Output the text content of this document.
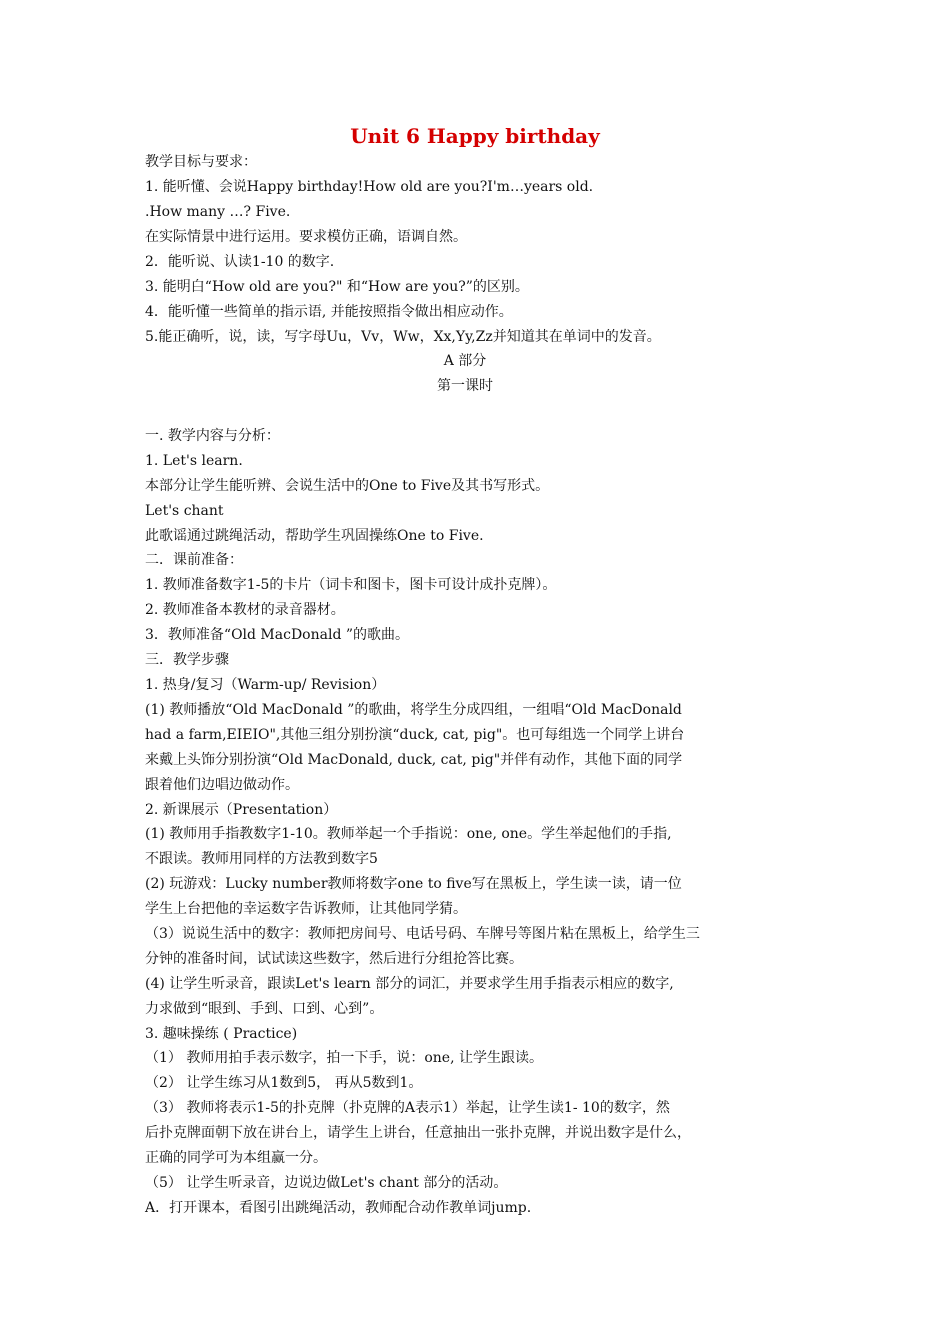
Unit 6 Happy birthday
教学目标与要求：
1. 能听懂、会说Happy birthday!How old are you?I'm…years old.
.How many …? Five.
在实际情景中进行运用。要求模仿正确，语调自然。
2．能听说、认读1-10 的数字.
3. 能明白“How old are you?" 和“How are you?”的区别。
4．能听懂一些简单的指示语, 并能按照指令做出相应动作。
5.能正确听，说，读，写字母Uu，Vv，Ww，Xx,Yy,Zz并知道其在单词中的发音。
A 部分
第一课时
一. 教学内容与分析：
1. Let's learn.
本部分让学生能听辨、会说生活中的One to Five及其书写形式。
Let's chant
此歌谣通过跳绳活动，帮助学生巩固操练One to Five.
二．课前准备：
1. 教师准备数字1-5的卡片（词卡和图卡，图卡可设计成扑克牌）。
2. 教师准备本教材的录音器材。
3．教师准备“Old MacDonald ”的歌曲。
三．教学步骤
1. 热身/复习（Warm-up/ Revision）
(1) 教师播放“Old MacDonald ”的歌曲，将学生分成四组，一组唱“Old MacDonald
had a farm,EIEIO",其他三组分别扮演“duck, cat, pig"。也可每组选一个同学上讲台
来戴上头饰分别扮演“Old MacDonald, duck, cat, pig"并伴有动作，其他下面的同学
跟着他们边唱边做动作。
2. 新课展示（Presentation）
(1) 教师用手指教数字1-10。教师举起一个手指说：one, one。学生举起他们的手指,
不跟读。教师用同样的方法教到数字5
(2) 玩游戏：Lucky number教师将数字one to five写在黑板上，学生读一读，请一位
学生上台把他的幸运数字告诉教师，让其他同学猜。
（3）说说生活中的数字：教师把房间号、电话号码、车牌号等图片粘在黑板上，给学生三
分钟的准备时间，试试读这些数字，然后进行分组抢答比赛。
(4) 让学生听录音，跟读Let's learn 部分的词汇，并要求学生用手指表示相应的数字,
力求做到“眼到、手到、口到、心到”。
3. 趣味操练 ( Practice)
（1） 教师用拍手表示数字，拍一下手，说：one, 让学生跟读。
（2） 让学生练习从1数到5， 再从5数到1。
（3） 教师将表示1-5的扑克牌（扑克牌的A表示1）举起，让学生读1- 10的数字，然
后扑克牌面朝下放在讲台上，请学生上讲台，任意抽出一张扑克牌，并说出数字是什么，
正确的同学可为本组赢一分。
（5） 让学生听录音，边说边做Let's chant 部分的活动。
A．打开课本，看图引出跳绳活动，教师配合动作教单词jump.
